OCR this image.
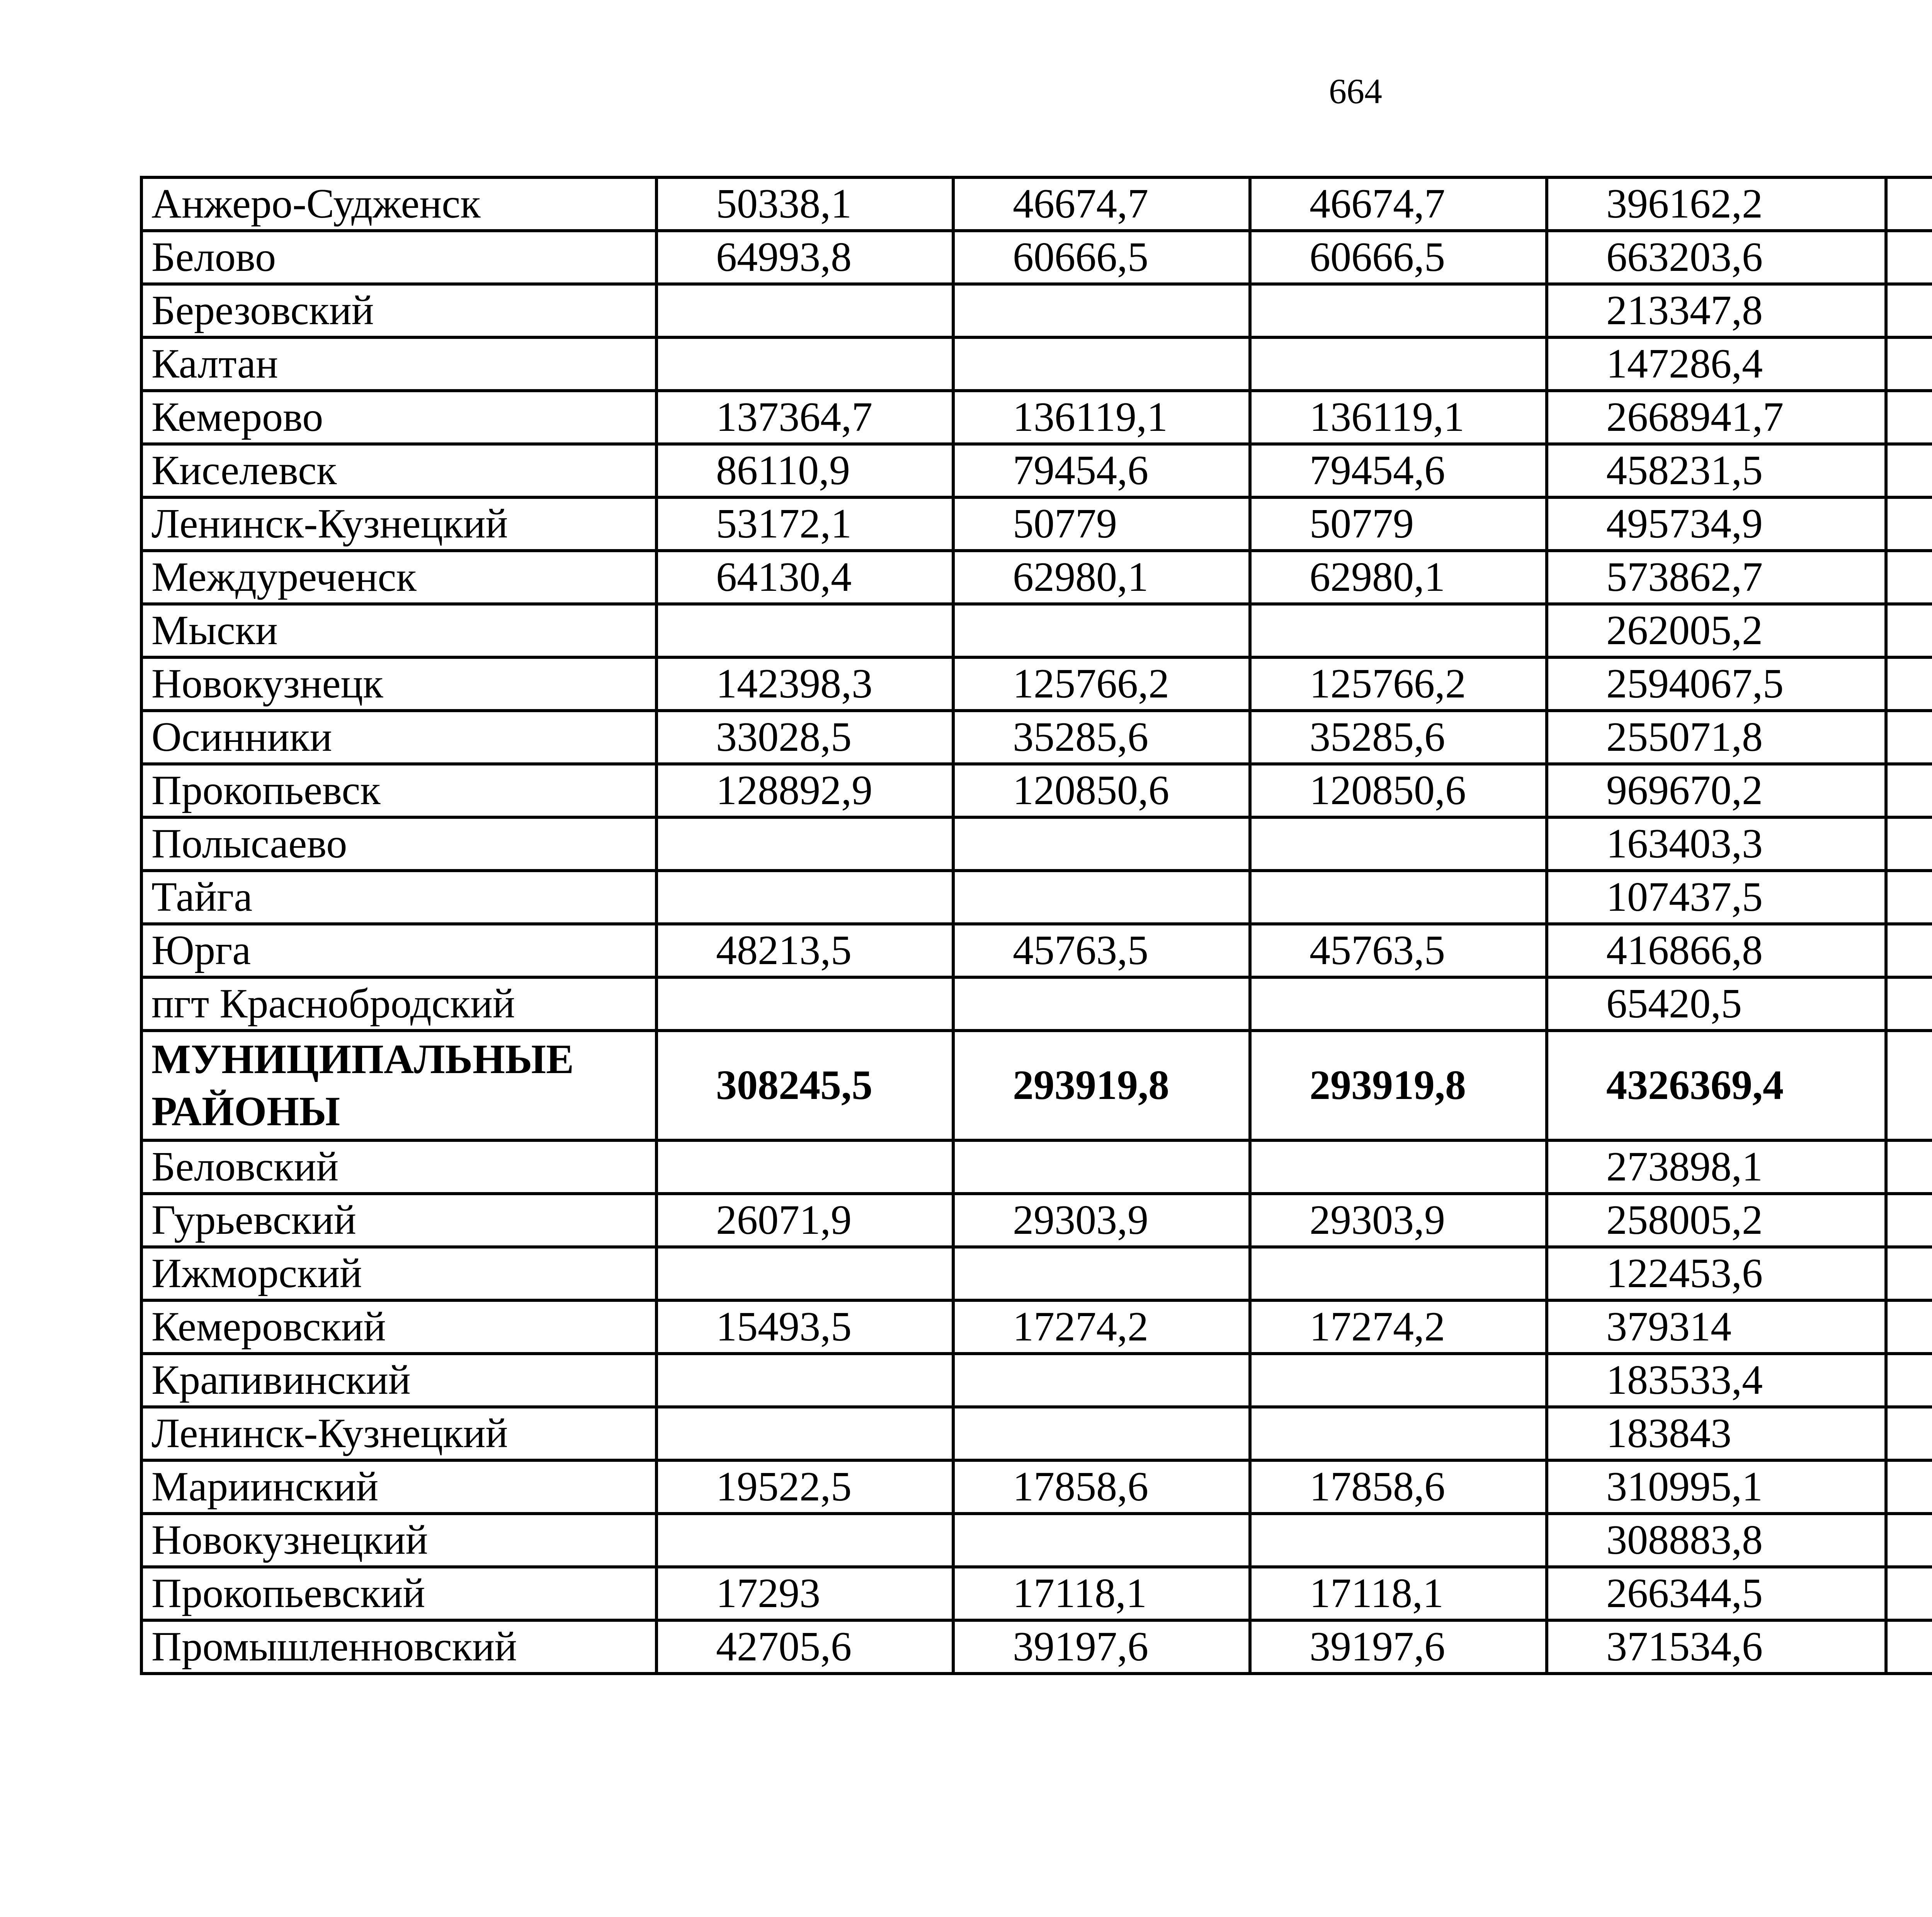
664
Анжеро-Судженск	50338,1	46674,7	46674,7	396162,2		
Белово	64993,8	60666,5	60666,5	663203,6		
Березовский				213347,8		
Калтан				147286,4		
Кемерово	137364,7	136119,1	136119,1	2668941,7		
Киселевск	86110,9	79454,6	79454,6	458231,5		
Ленинск-Кузнецкий	53172,1	50779	50779	495734,9		
Междуреченск	64130,4	62980,1	62980,1	573862,7		
Мыски				262005,2		
Новокузнецк	142398,3	125766,2	125766,2	2594067,5		
Осинники	33028,5	35285,6	35285,6	255071,8		
Прокопьевск	128892,9	120850,6	120850,6	969670,2		
Полысаево				163403,3		
Тайга				107437,5		
Юрга	48213,5	45763,5	45763,5	416866,8		
пгт Краснобродский				65420,5		
МУНИЦИПАЛЬНЫЕ РАЙОНЫ	308245,5	293919,8	293919,8	4326369,4		
Беловский				273898,1		
Гурьевский	26071,9	29303,9	29303,9	258005,2		
Ижморский				122453,6		
Кемеровский	15493,5	17274,2	17274,2	379314		
Крапивинский				183533,4		
Ленинск-Кузнецкий				183843		
Мариинский	19522,5	17858,6	17858,6	310995,1		
Новокузнецкий				308883,8		
Прокопьевский	17293	17118,1	17118,1	266344,5		
Промышленновский	42705,6	39197,6	39197,6	371534,6		
